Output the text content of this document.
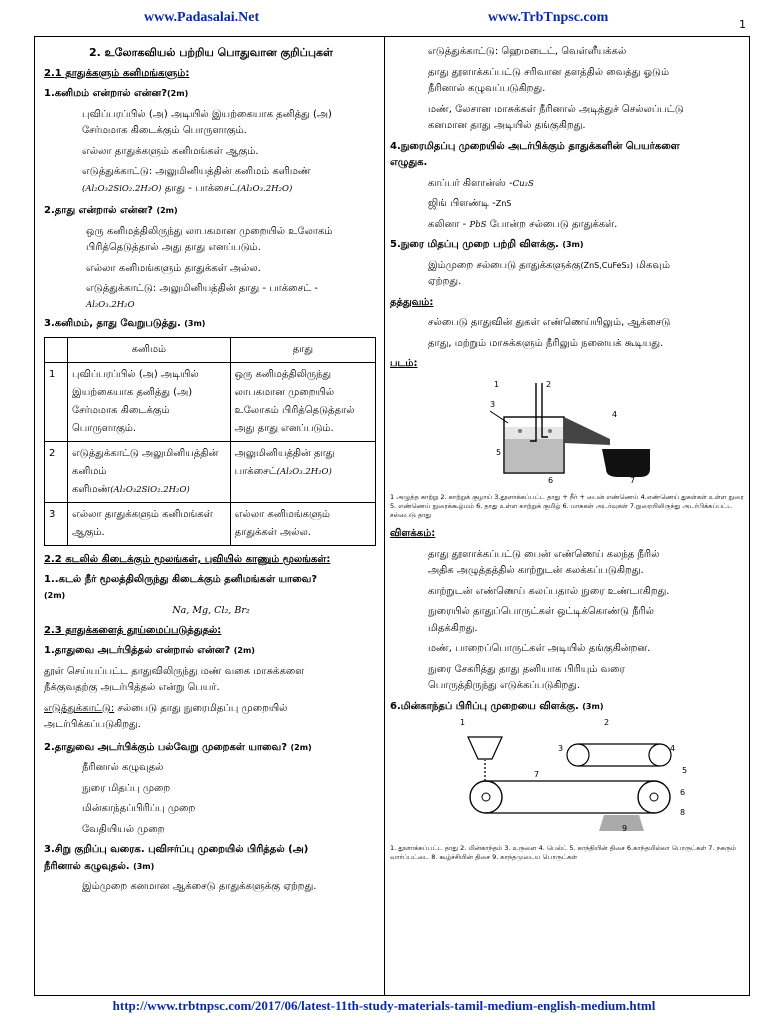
www.Padasalai.Net	www.TrbTnpsc.com	1

2. உலோகவியல் பற்றிய பொதுவான குறிப்புகள்

2.1 தாதுக்களும் கனிமங்களும்:

1.கனிமம் என்றால் என்ன?(2m)

புவிப்பரப்பில் (அ) அடியில் இயற்கையாக தனித்து (அ)

சேர்மமாக கிடைக்கும் பொருளாகும்.

எல்லா தாதுக்களும் கனிமங்கள் ஆகும்.

எடுத்துக்காட்டு: அலுமினியத்தின் கனிமம் களிமண்

(Al₂O₃2SiO₂.2H₂O) தாது - பாக்சைட்(Al₂O₃.2H₂O)

2.தாது என்றால் என்ன? (2m)

ஒரு கனிமத்திலிருந்து லாபகமான முறையில் உலோகம்

பிரித்தெடுத்தால் அது தாது எனப்படும்.

எல்லா கனிமங்களும் தாதுக்கள் அல்ல.

எடுத்துக்காட்டு: அலுமினியத்தின் தாது - பாக்சைட் -

Al₂O₃.2H₂O

3.கனிமம், தாது வேறுபடுத்து. (3m)

	கனிமம்	தாது
1	புவிப்பரப்பில் (அ) அடியில் இயற்கையாக தனித்து (அ) சேர்மமாக கிடைக்கும் பொருளாகும்.	ஒரு கனிமத்திலிருந்து லாபகமான முறையில் உலோகம் பிரித்தெடுத்தால் அது தாது எனப்படும்.
2	எடுத்துக்காட்டு அலுமினியத்தின் கனிமம் களிமண்(Al₂O₃2SiO₂.2H₂O)	அலுமினியத்தின் தாது பாக்சைட்(Al₂O₃.2H₂O)
3	எல்லா தாதுக்களும் கனிமங்கள் ஆகும்.	எல்லா கனிமங்களும் தாதுக்கள் அல்ல.

2.2 கடலில் கிடைக்கும் மூலங்கள், புவியில் காணும் மூலங்கள்:

1..கடல் நீர் மூலத்திலிருந்து கிடைக்கும் தனிமங்கள் யாவை?

(2m)

Na, Mg, Cl₂, Br₂

2.3 தாதுக்களைத் தூய்மைப்படுத்துதல்:

1.தாதுவை அடர்பித்தல் என்றால் என்ன? (2m)

தூள் செய்யப்பட்ட தாதுவிலிருந்து மண் வகை மாசுக்களை

நீக்குவதற்கு அடர்பித்தல் என்று பெயர்.

எடுத்துக்காட்டு: சல்பைடு தாது நுரைமிதப்பு முறையில்

அடர்பிக்கப்படுகிறது.

2.தாதுவை அடர்பிக்கும் பல்வேறு முறைகள் யாவை? (2m)

நீரினால் கழுவுதல்

நுரை மிதப்பு முறை

மின்காந்தப்பிரிப்பு முறை

வேதியியல் முறை

3.சிறு குறிப்பு வரைக. புவிஈர்ப்பு முறையில் பிரித்தல் (அ)

நீரினால் கழுவுதல். (3m)

இம்முறை கனமான ஆக்சைடு தாதுக்களுக்கு ஏற்றது.

எடுத்துக்காட்டு: ஹெமடைட், வெள்ளீயக்கல்

தாது தூளாக்கப்பட்டு சரிவான தளத்தில் வைத்து ஓடும்

நீரினால் கழுவப்படுகிறது.

மண், லேசான மாசுக்கள் நீரினால் அடித்துச் செல்லப்பட்டு

கனமான தாது அடியில் தங்குகிறது.

4.நுரைமிதப்பு முறையில் அடர்பிக்கும் தாதுக்களின் பெயர்களை

எழுதுக.

காப்பர் கிளான்ஸ் -Cu₂S

ஜிங் பிளண்டி -ZnS

கலினா - PbS போன்ற சல்பைடு தாதுக்கள்.

5.நுரை மிதப்பு முறை பற்றி விளக்கு. (3m)

இம்முறை சல்பைடு தாதுக்களுக்கு(ZnS,CuFeS₂) மிகவும்

ஏற்றது.

தத்துவம்:

சல்பைடு தாதுவின் துகள் எண்ணெய்யிலும், ஆக்சைடு

தாது, மற்றும் மாசுக்களும் நீரிலும் நனையக் கூடியது.

படம்:

1	2
3
4
5
6	7

1 அழுத்த காற்று 2. காற்றுக் குழாய் 3.தூளாக்கப்பட்ட தாது + நீர் + பைன் எண்ணெய் 4.எண்ணெய் துகள்கள் உள்ள நுரை 5. எண்ணெய் நுரைக்கூழ்மம் 6. தாது உள்ள காற்றுக் குமிழ் 6. மாசுகள் அடர்வுகள் 7.நுரையிலிருந்து அடர்பிக்கப்பட்ட சல்பைடு தாது

விளக்கம்:

தாது தூளாக்கப்பட்டு பைன் எண்ணெய் கலந்த நீரில்

அதிக அழுத்தத்தில் காற்றுடன் கலக்கப்படுகிறது.

காற்றுடன் எண்ணெய் கலப்பதால் நுரை உண்டாகிறது.

நுரையில் தாதுப்பொருட்கள் ஒட்டிக்கொண்டு நீரில்

மிதக்கிறது.

மண், பாறைப்பொருட்கள் அடியில் தங்குகின்றன.

நுரை சேகரித்து தாது தனியாக பிரியும் வரை

பொருத்திருந்து எடுக்கப்படுகிறது.

6.மின்காந்தப் பிரிப்பு முறையை விளக்கு. (3m)

1	2
3	4
5
6
7
8
9

1. தூளாக்கப்பட்ட தாது 2. மின்காந்தம் 3. உருளை 4. பெல்ட் 5. காந்தியின் திசை 6.காந்தமில்லா பொருட்கள் 7. நகரும் வார்ப்பட்டை 8. கூழ்ச்சியின் திசை 9. காந்தமுடைய பொருட்கள்

http://www.trbtnpsc.com/2017/06/latest-11th-study-materials-tamil-medium-english-medium.html
